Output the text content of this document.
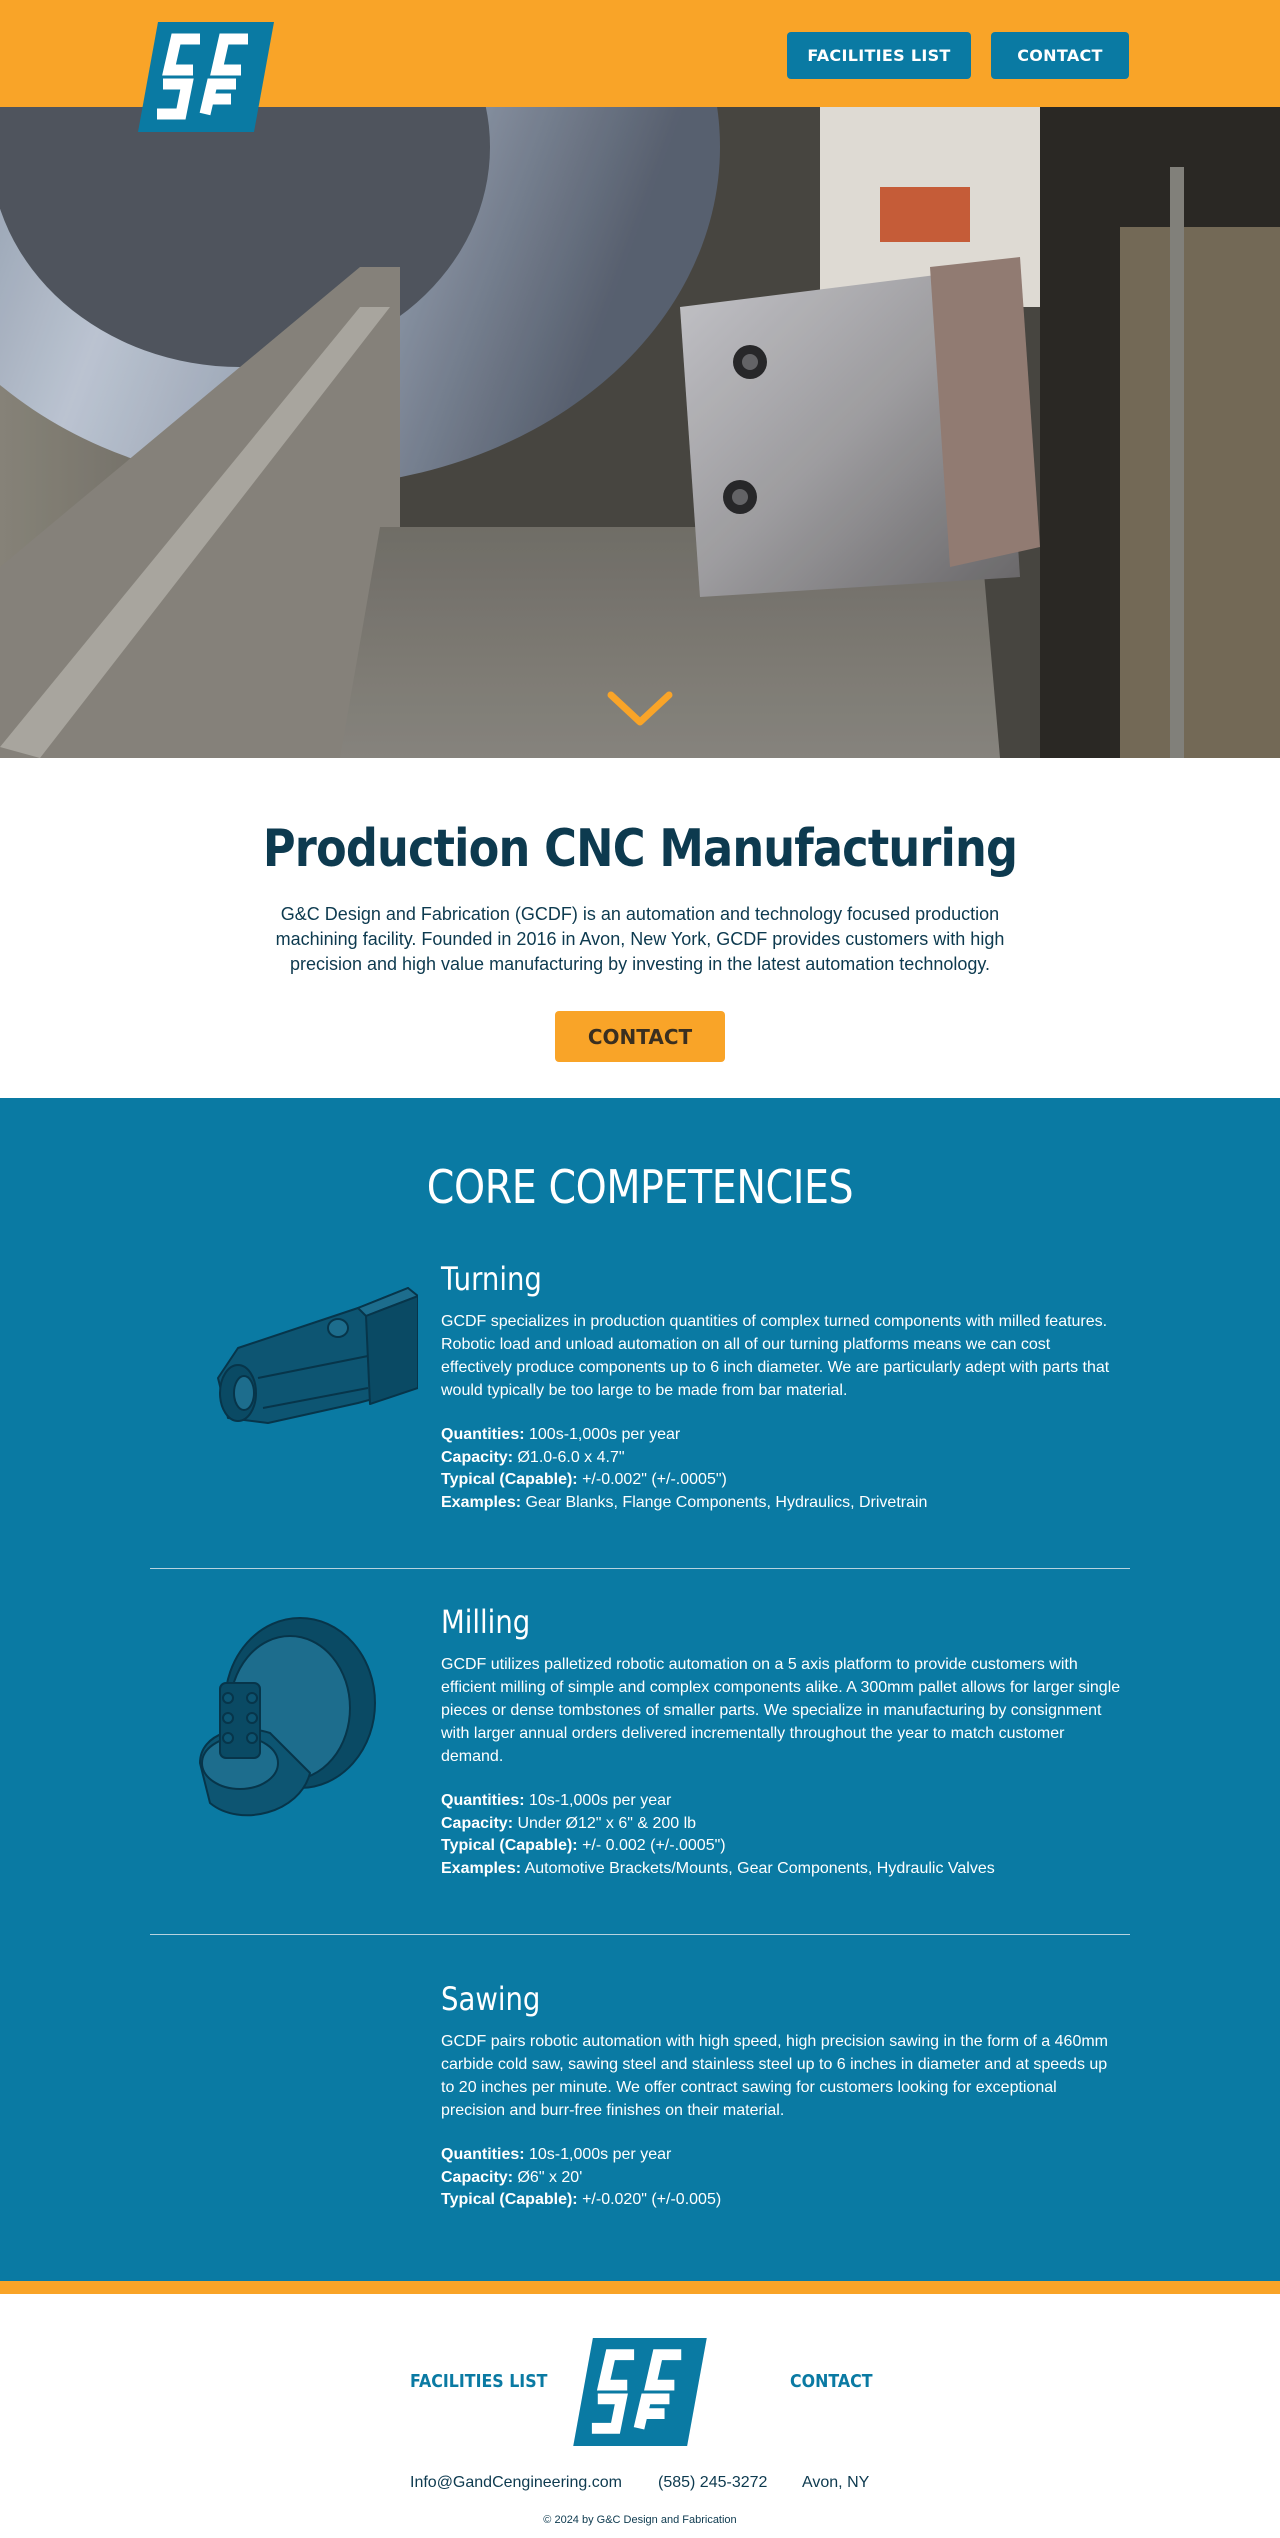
FACILITIES LIST	CONTACT
Production CNC Manufacturing

G&C Design and Fabrication (GCDF) is an automation and technology focused production machining facility. Founded in 2016 in Avon, New York, GCDF provides customers with high precision and high value manufacturing by investing in the latest automation technology.

CONTACT
CORE COMPETENCIES
Turning

GCDF specializes in production quantities of complex turned components with milled features. Robotic load and unload automation on all of our turning platforms means we can cost effectively produce components up to 6 inch diameter. We are particularly adept with parts that would typically be too large to be made from bar material.

Quantities: 100s-1,000s per year
Capacity: Ø1.0-6.0 x 4.7"
Typical (Capable): +/-0.002" (+/-.0005")
Examples: Gear Blanks, Flange Components, Hydraulics, Drivetrain
Milling

GCDF utilizes palletized robotic automation on a 5 axis platform to provide customers with efficient milling of simple and complex components alike. A 300mm pallet allows for larger single pieces or dense tombstones of smaller parts. We specialize in manufacturing by consignment with larger annual orders delivered incrementally throughout the year to match customer demand.

Quantities: 10s-1,000s per year
Capacity: Under Ø12" x 6" & 200 lb
Typical (Capable): +/- 0.002 (+/-.0005")
Examples: Automotive Brackets/Mounts, Gear Components, Hydraulic Valves
Sawing

GCDF pairs robotic automation with high speed, high precision sawing in the form of a 460mm carbide cold saw, sawing steel and stainless steel up to 6 inches in diameter and at speeds up to 20 inches per minute. We offer contract sawing for customers looking for exceptional precision and burr-free finishes on their material.

Quantities: 10s-1,000s per year
Capacity: Ø6" x 20'
Typical (Capable): +/-0.020" (+/-0.005)
FACILITIES LIST	CONTACT
Info@GandCengineering.com (585) 245-3272 Avon, NY
© 2024 by G&C Design and Fabrication
